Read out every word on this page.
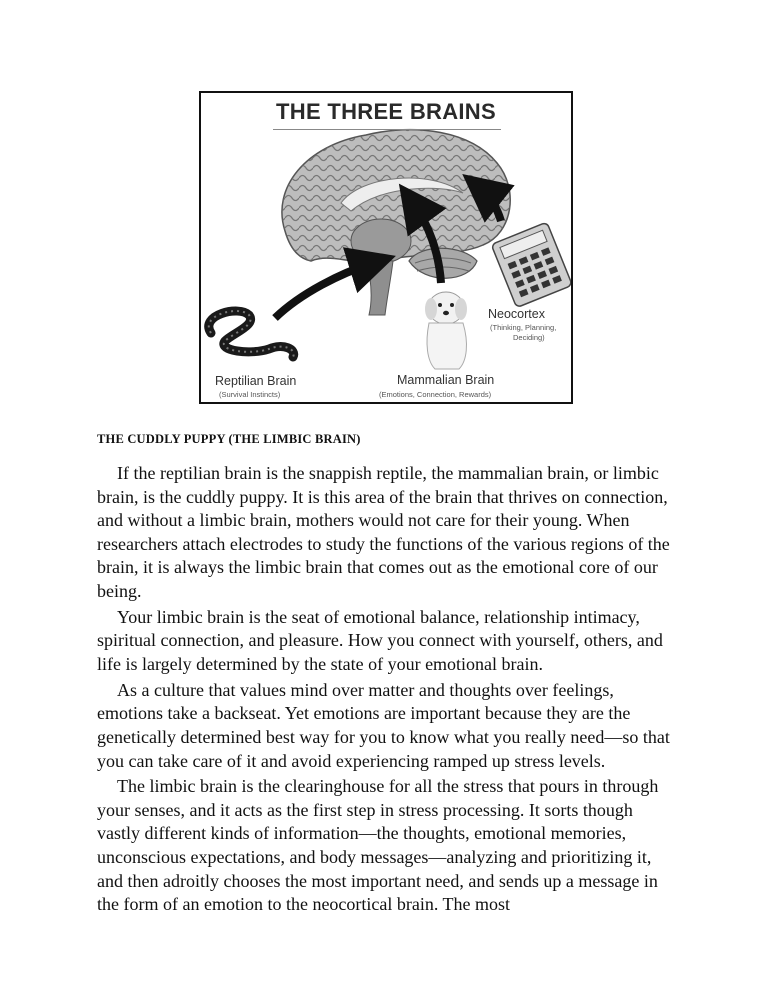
THE THREE BRAINS
Neocortex
(Thinking, Planning,
Deciding)
Reptilian Brain
(Survival Instincts)
Mammalian Brain
(Emotions, Connection, Rewards)
THE CUDDLY PUPPY (THE LIMBIC BRAIN)

If the reptilian brain is the snappish reptile, the mammalian brain, or limbic brain, is the cuddly puppy. It is this area of the brain that thrives on connection, and without a limbic brain, mothers would not care for their young. When researchers attach electrodes to study the functions of the various regions of the brain, it is always the limbic brain that comes out as the emotional core of our being.

Your limbic brain is the seat of emotional balance, relationship intimacy, spiritual connection, and pleasure. How you connect with yourself, others, and life is largely determined by the state of your emotional brain.

As a culture that values mind over matter and thoughts over feelings, emotions take a backseat. Yet emotions are important because they are the genetically determined best way for you to know what you really need—so that you can take care of it and avoid experiencing ramped up stress levels.

The limbic brain is the clearinghouse for all the stress that pours in through your senses, and it acts as the first step in stress processing. It sorts though vastly different kinds of information—the thoughts, emotional memories, unconscious expectations, and body messages—analyzing and prioritizing it, and then adroitly chooses the most important need, and sends up a message in the form of an emotion to the neocortical brain. The most
